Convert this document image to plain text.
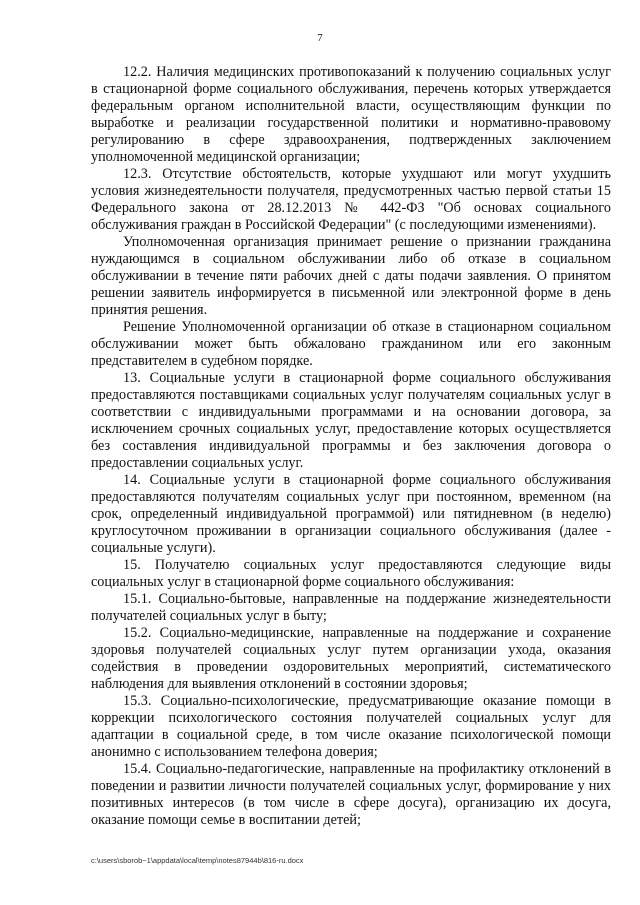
7

12.2. Наличия медицинских противопоказаний к получению социальных услуг в стационарной форме социального обслуживания, перечень которых утверждается федеральным органом исполнительной власти, осуществляющим функции по выработке и реализации государственной политики и нормативно-правовому регулированию в сфере здравоохранения, подтвержденных заключением уполномоченной медицинской организации;

12.3. Отсутствие обстоятельств, которые ухудшают или могут ухудшить условия жизнедеятельности получателя, предусмотренных частью первой статьи 15 Федерального закона от 28.12.2013 № 442-ФЗ "Об основах социального обслуживания граждан в Российской Федерации" (с последующими изменениями).

Уполномоченная организация принимает решение о признании гражданина нуждающимся в социальном обслуживании либо об отказе в социальном обслуживании в течение пяти рабочих дней с даты подачи заявления. О принятом решении заявитель информируется в письменной или электронной форме в день принятия решения.

Решение Уполномоченной организации об отказе в стационарном социальном обслуживании может быть обжаловано гражданином или его законным представителем в судебном порядке.

13. Социальные услуги в стационарной форме социального обслуживания предоставляются поставщиками социальных услуг получателям социальных услуг в соответствии с индивидуальными программами и на основании договора, за исключением срочных социальных услуг, предоставление которых осуществляется без составления индивидуальной программы и без заключения договора о предоставлении социальных услуг.

14. Социальные услуги в стационарной форме социального обслуживания предоставляются получателям социальных услуг при постоянном, временном (на срок, определенный индивидуальной программой) или пятидневном (в неделю) круглосуточном проживании в организации социального обслуживания (далее - социальные услуги).

15. Получателю социальных услуг предоставляются следующие виды социальных услуг в стационарной форме социального обслуживания:

15.1. Социально-бытовые, направленные на поддержание жизнедеятельности получателей социальных услуг в быту;

15.2. Социально-медицинские, направленные на поддержание и сохранение здоровья получателей социальных услуг путем организации ухода, оказания содействия в проведении оздоровительных мероприятий, систематического наблюдения для выявления отклонений в состоянии здоровья;

15.3. Социально-психологические, предусматривающие оказание помощи в коррекции психологического состояния получателей социальных услуг для адаптации в социальной среде, в том числе оказание психологической помощи анонимно с использованием телефона доверия;

15.4. Социально-педагогические, направленные на профилактику отклонений в поведении и развитии личности получателей социальных услуг, формирование у них позитивных интересов (в том числе в сфере досуга), организацию их досуга, оказание помощи семье в воспитании детей;

c:\users\sborob~1\appdata\local\temp\notes87944b\816-ru.docx
